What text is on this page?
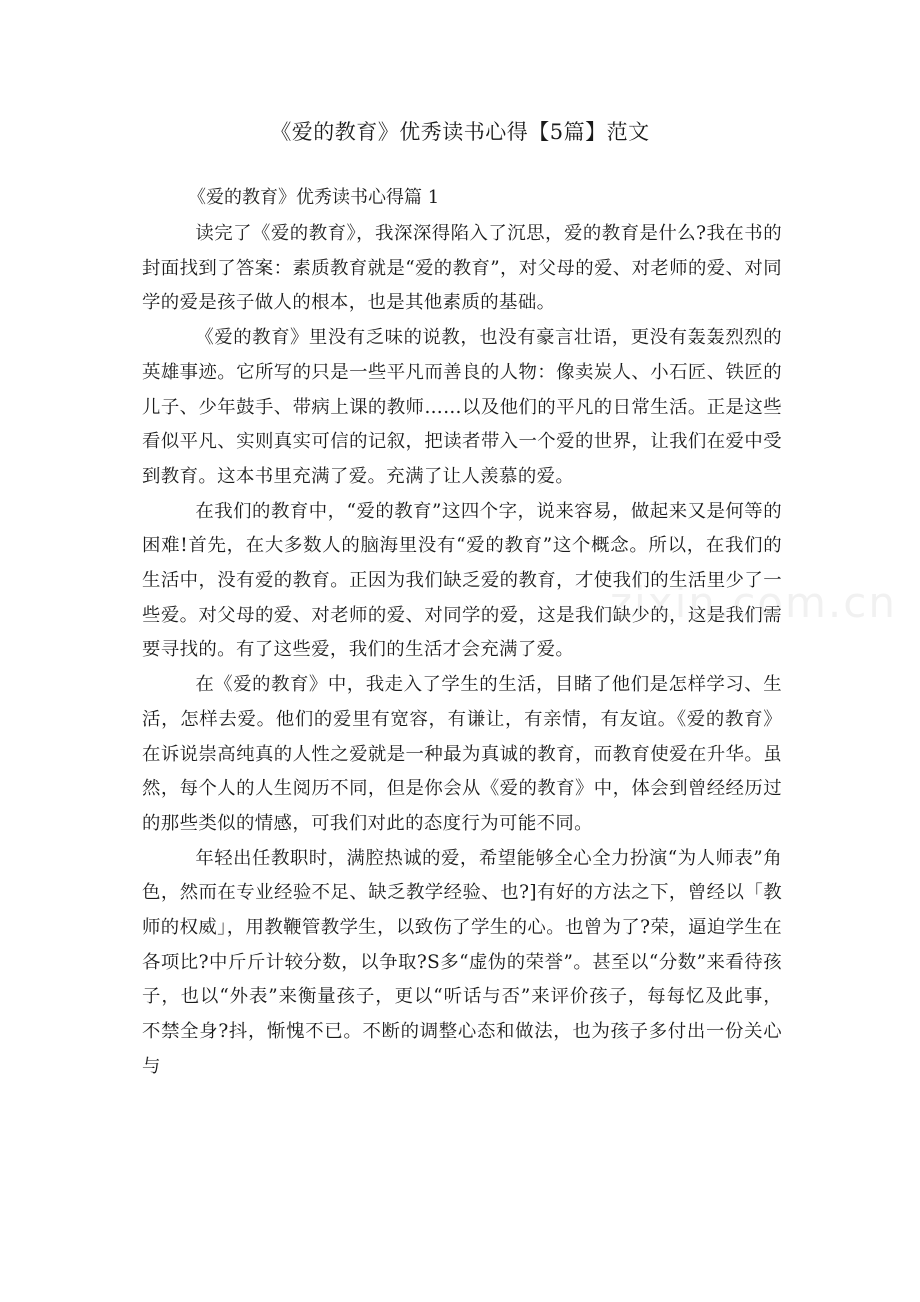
《爱的教育》优秀读书心得【5篇】范文
《爱的教育》优秀读书心得篇 1

读完了《爱的教育》，我深深得陷入了沉思，爱的教育是什么?我在书的封面找到了答案：素质教育就是“爱的教育”，对父母的爱、对老师的爱、对同学的爱是孩子做人的根本，也是其他素质的基础。

《爱的教育》里没有乏味的说教，也没有豪言壮语，更没有轰轰烈烈的英雄事迹。它所写的只是一些平凡而善良的人物：像卖炭人、小石匠、铁匠的儿子、少年鼓手、带病上课的教师……以及他们的平凡的日常生活。正是这些看似平凡、实则真实可信的记叙，把读者带入一个爱的世界，让我们在爱中受到教育。这本书里充满了爱。充满了让人羡慕的爱。

在我们的教育中，“爱的教育”这四个字，说来容易，做起来又是何等的困难!首先，在大多数人的脑海里没有“爱的教育”这个概念。所以，在我们的生活中，没有爱的教育。正因为我们缺乏爱的教育，才使我们的生活里少了一些爱。对父母的爱、对老师的爱、对同学的爱，这是我们缺少的，这是我们需要寻找的。有了这些爱，我们的生活才会充满了爱。

在《爱的教育》中，我走入了学生的生活，目睹了他们是怎样学习、生活，怎样去爱。他们的爱里有宽容，有谦让，有亲情，有友谊。《爱的教育》在诉说崇高纯真的人性之爱就是一种最为真诚的教育，而教育使爱在升华。虽然，每个人的人生阅历不同，但是你会从《爱的教育》中，体会到曾经经历过的那些类似的情感，可我们对此的态度行为可能不同。

年轻出任教职时，满腔热诚的爱，希望能够全心全力扮演“为人师表”角色，然而在专业经验不足、缺乏教学经验、也?]有好的方法之下，曾经以「教师的权威」，用教鞭管教学生，以致伤了学生的心。也曾为了?荣，逼迫学生在各项比?中斤斤计较分数，以争取?S多“虚伪的荣誉”。甚至以“分数”来看待孩子，也以“外表”来衡量孩子，更以“听话与否”来评价孩子，每每忆及此事，不禁全身?抖，惭愧不已。不断的调整心态和做法，也为孩子多付出一份关心与

zixin.com.cn
